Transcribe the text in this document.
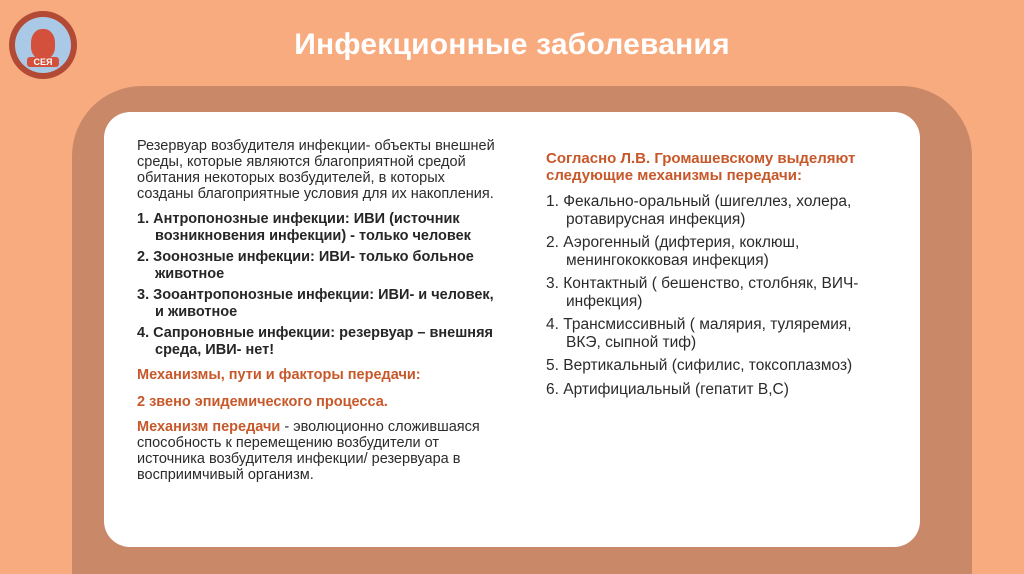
CEЯ
Инфекционные заболевания

Резервуар возбудителя инфекции- объекты внешней среды, которые являются благоприятной средой обитания некоторых возбудителей, в которых созданы благоприятные условия для их накопления.

1. Антропонозные инфекции: ИВИ (источник возникновения инфекции) - только человек
2. Зоонозные инфекции: ИВИ- только больное животное
3. Зооантропонозные инфекции: ИВИ- и человек, и животное
4. Сапроновные инфекции: резервуар – внешняя среда, ИВИ- нет!

Механизмы, пути и факторы передачи:

2 звено эпидемического процесса.

Механизм передачи - эволюционно сложившаяся способность к перемещению возбудители от источника возбудителя инфекции/ резервуара в восприимчивый организм.

Согласно Л.В. Громашевскому выделяют следующие механизмы передачи:

1. Фекально-оральный (шигеллез, холера, ротавирусная инфекция)
2. Аэрогенный (дифтерия, коклюш, менингококковая инфекция)
3. Контактный ( бешенство, столбняк, ВИЧ-инфекция)
4. Трансмиссивный ( малярия, туляремия, ВКЭ, сыпной тиф)
5. Вертикальный (сифилис, токсоплазмоз)
6. Артифициальный (гепатит В,С)
